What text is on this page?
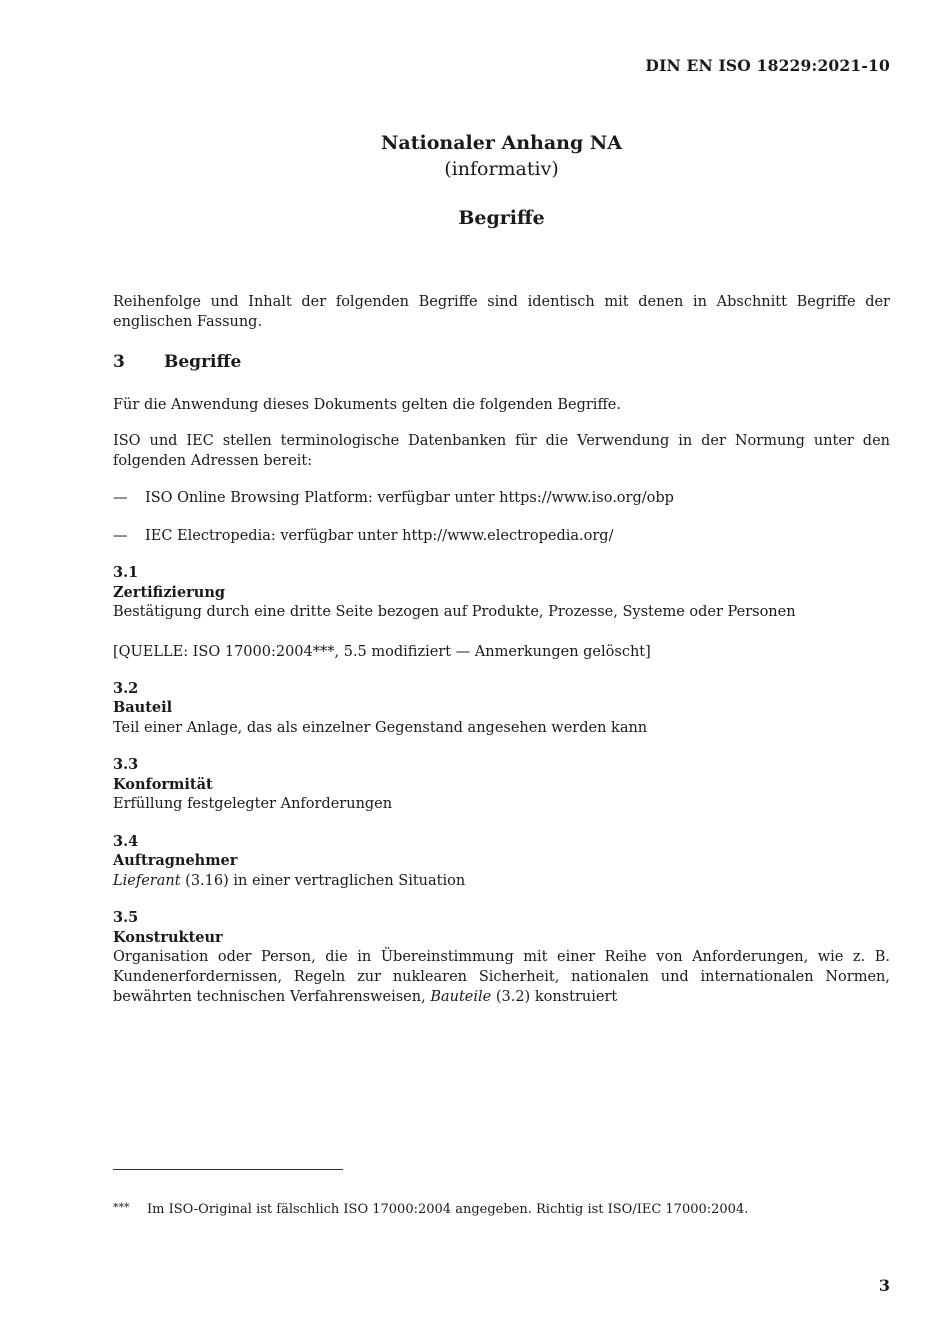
DIN EN ISO 18229:2021-10
Nationaler Anhang NA
(informativ)
Begriffe
Reihenfolge und Inhalt der folgenden Begriffe sind identisch mit denen in Abschnitt Begriffe der englischen Fassung.
3 Begriffe
Für die Anwendung dieses Dokuments gelten die folgenden Begriffe.
ISO und IEC stellen terminologische Datenbanken für die Verwendung in der Normung unter den folgenden Adressen bereit:
— ISO Online Browsing Platform: verfügbar unter https://www.iso.org/obp
— IEC Electropedia: verfügbar unter http://www.electropedia.org/
3.1
Zertifizierung
Bestätigung durch eine dritte Seite bezogen auf Produkte, Prozesse, Systeme oder Personen
[QUELLE: ISO 17000:2004***, 5.5 modifiziert — Anmerkungen gelöscht]
3.2
Bauteil
Teil einer Anlage, das als einzelner Gegenstand angesehen werden kann
3.3
Konformität
Erfüllung festgelegter Anforderungen
3.4
Auftragnehmer
Lieferant (3.16) in einer vertraglichen Situation
3.5
Konstrukteur
Organisation oder Person, die in Übereinstimmung mit einer Reihe von Anforderungen, wie z. B. Kundenerfordernissen, Regeln zur nuklearen Sicherheit, nationalen und internationalen Normen, bewährten technischen Verfahrensweisen, Bauteile (3.2) konstruiert
*** Im ISO-Original ist fälschlich ISO 17000:2004 angegeben. Richtig ist ISO/IEC 17000:2004.
3
